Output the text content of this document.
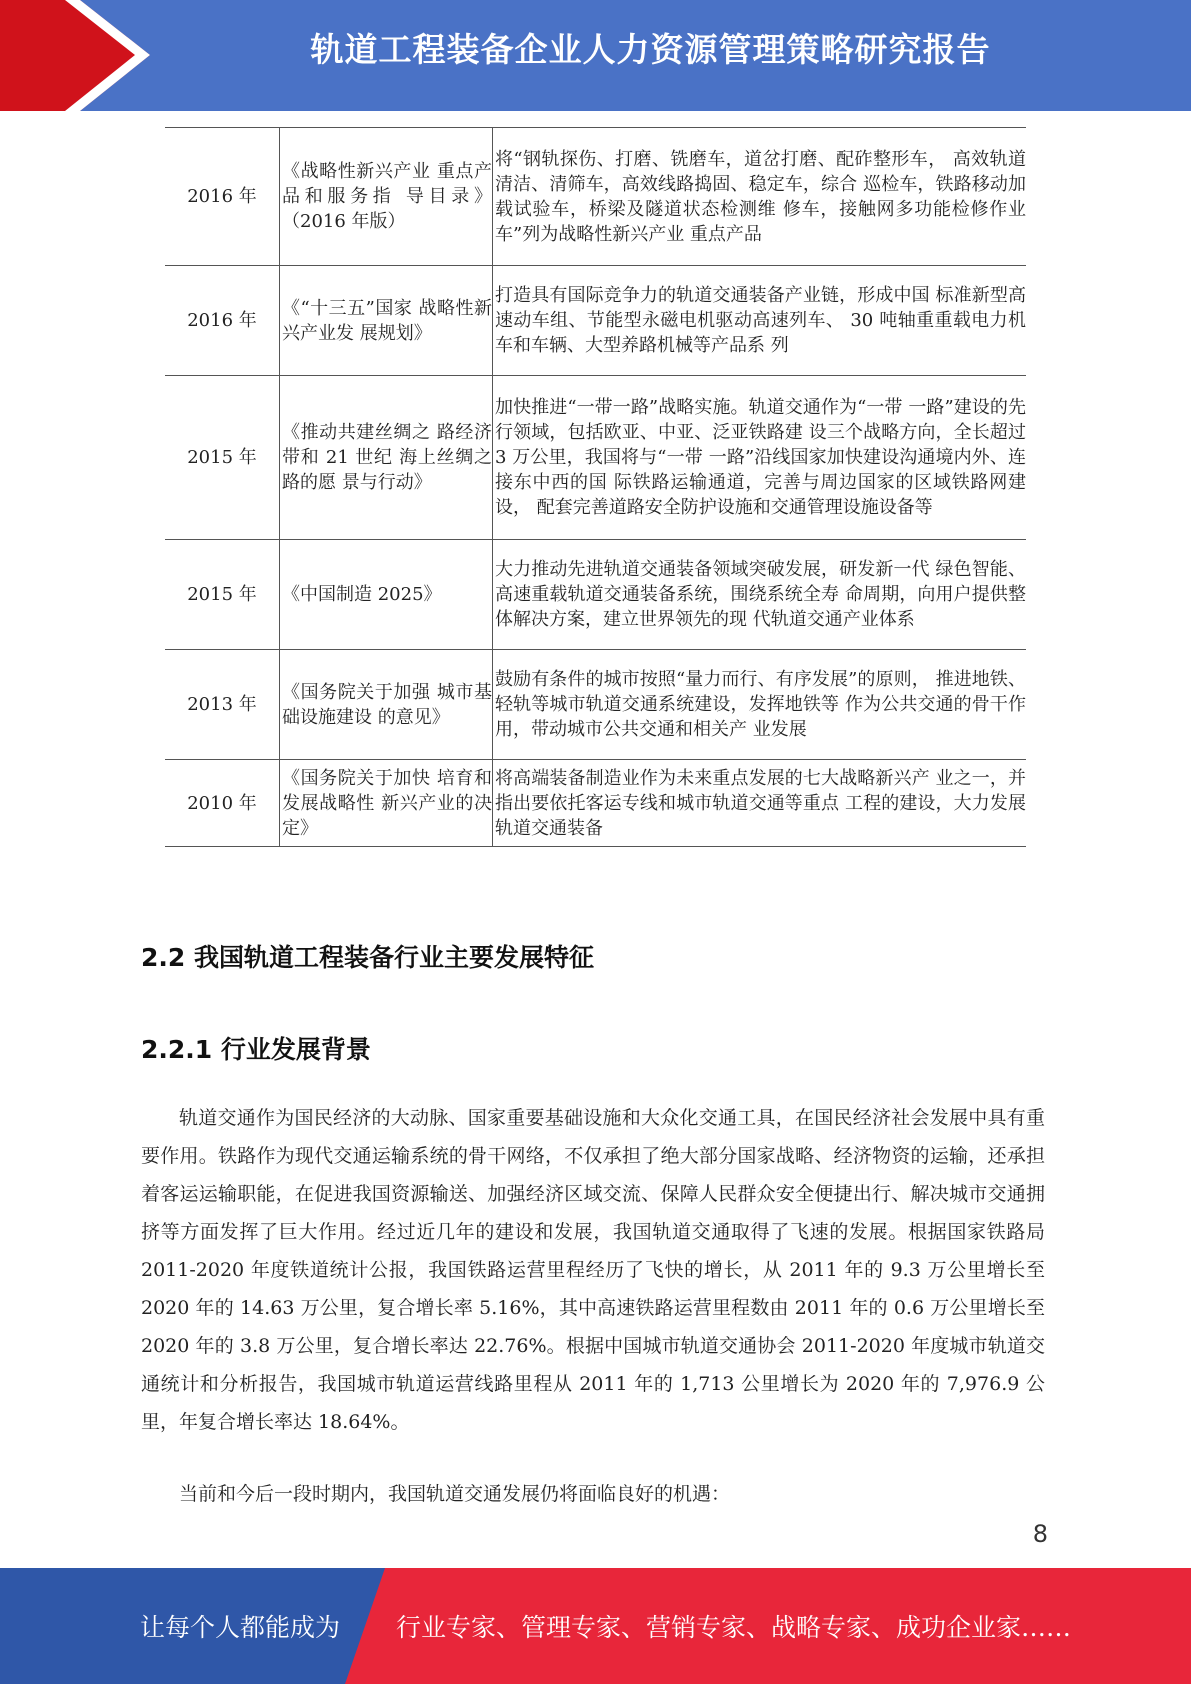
轨道工程装备企业人力资源管理策略研究报告
2016 年	《战略性新兴产业 重点产品和服务指 导目录》（2016 年版）	将“钢轨探伤、打磨、铣磨车，道岔打磨、配砟整形车， 高效轨道清洁、清筛车，高效线路捣固、稳定车，综合 巡检车，铁路移动加载试验车，桥梁及隧道状态检测维 修车，接触网多功能检修作业车”列为战略性新兴产业 重点产品
2016 年	《“十三五”国家 战略性新兴产业发 展规划》	打造具有国际竞争力的轨道交通装备产业链，形成中国 标准新型高速动车组、节能型永磁电机驱动高速列车、 30 吨轴重重载电力机车和车辆、大型养路机械等产品系 列
2015 年	《推动共建丝绸之 路经济带和 21 世纪 海上丝绸之路的愿 景与行动》	加快推进“一带一路”战略实施。轨道交通作为“一带 一路”建设的先行领域，包括欧亚、中亚、泛亚铁路建 设三个战略方向，全长超过 3 万公里，我国将与“一带 一路”沿线国家加快建设沟通境内外、连接东中西的国 际铁路运输通道，完善与周边国家的区域铁路网建设， 配套完善道路安全防护设施和交通管理设施设备等
2015 年	《中国制造 2025》	大力推动先进轨道交通装备领域突破发展，研发新一代 绿色智能、高速重载轨道交通装备系统，围绕系统全寿 命周期，向用户提供整体解决方案，建立世界领先的现 代轨道交通产业体系
2013 年	《国务院关于加强 城市基础设施建设 的意见》	鼓励有条件的城市按照“量力而行、有序发展”的原则， 推进地铁、轻轨等城市轨道交通系统建设，发挥地铁等 作为公共交通的骨干作用，带动城市公共交通和相关产 业发展
2010 年	《国务院关于加快 培育和发展战略性 新兴产业的决定》	将高端装备制造业作为未来重点发展的七大战略新兴产 业之一，并指出要依托客运专线和城市轨道交通等重点 工程的建设，大力发展轨道交通装备
2.2 我国轨道工程装备行业主要发展特征
2.2.1 行业发展背景

轨道交通作为国民经济的大动脉、国家重要基础设施和大众化交通工具，在国民经济社会发展中具有重要作用。铁路作为现代交通运输系统的骨干网络，不仅承担了绝大部分国家战略、经济物资的运输，还承担着客运运输职能，在促进我国资源输送、加强经济区域交流、保障人民群众安全便捷出行、解决城市交通拥挤等方面发挥了巨大作用。经过近几年的建设和发展，我国轨道交通取得了飞速的发展。根据国家铁路局 2011-2020 年度铁道统计公报，我国铁路运营里程经历了飞快的增长，从 2011 年的 9.3 万公里增长至 2020 年的 14.63 万公里，复合增长率 5.16%，其中高速铁路运营里程数由 2011 年的 0.6 万公里增长至 2020 年的 3.8 万公里，复合增长率达 22.76%。根据中国城市轨道交通协会 2011-2020 年度城市轨道交通统计和分析报告，我国城市轨道运营线路里程从 2011 年的 1,713 公里增长为 2020 年的 7,976.9 公里，年复合增长率达 18.64%。

当前和今后一段时期内，我国轨道交通发展仍将面临良好的机遇：

8
让每个人都能成为 行业专家、管理专家、营销专家、战略专家、成功企业家……
